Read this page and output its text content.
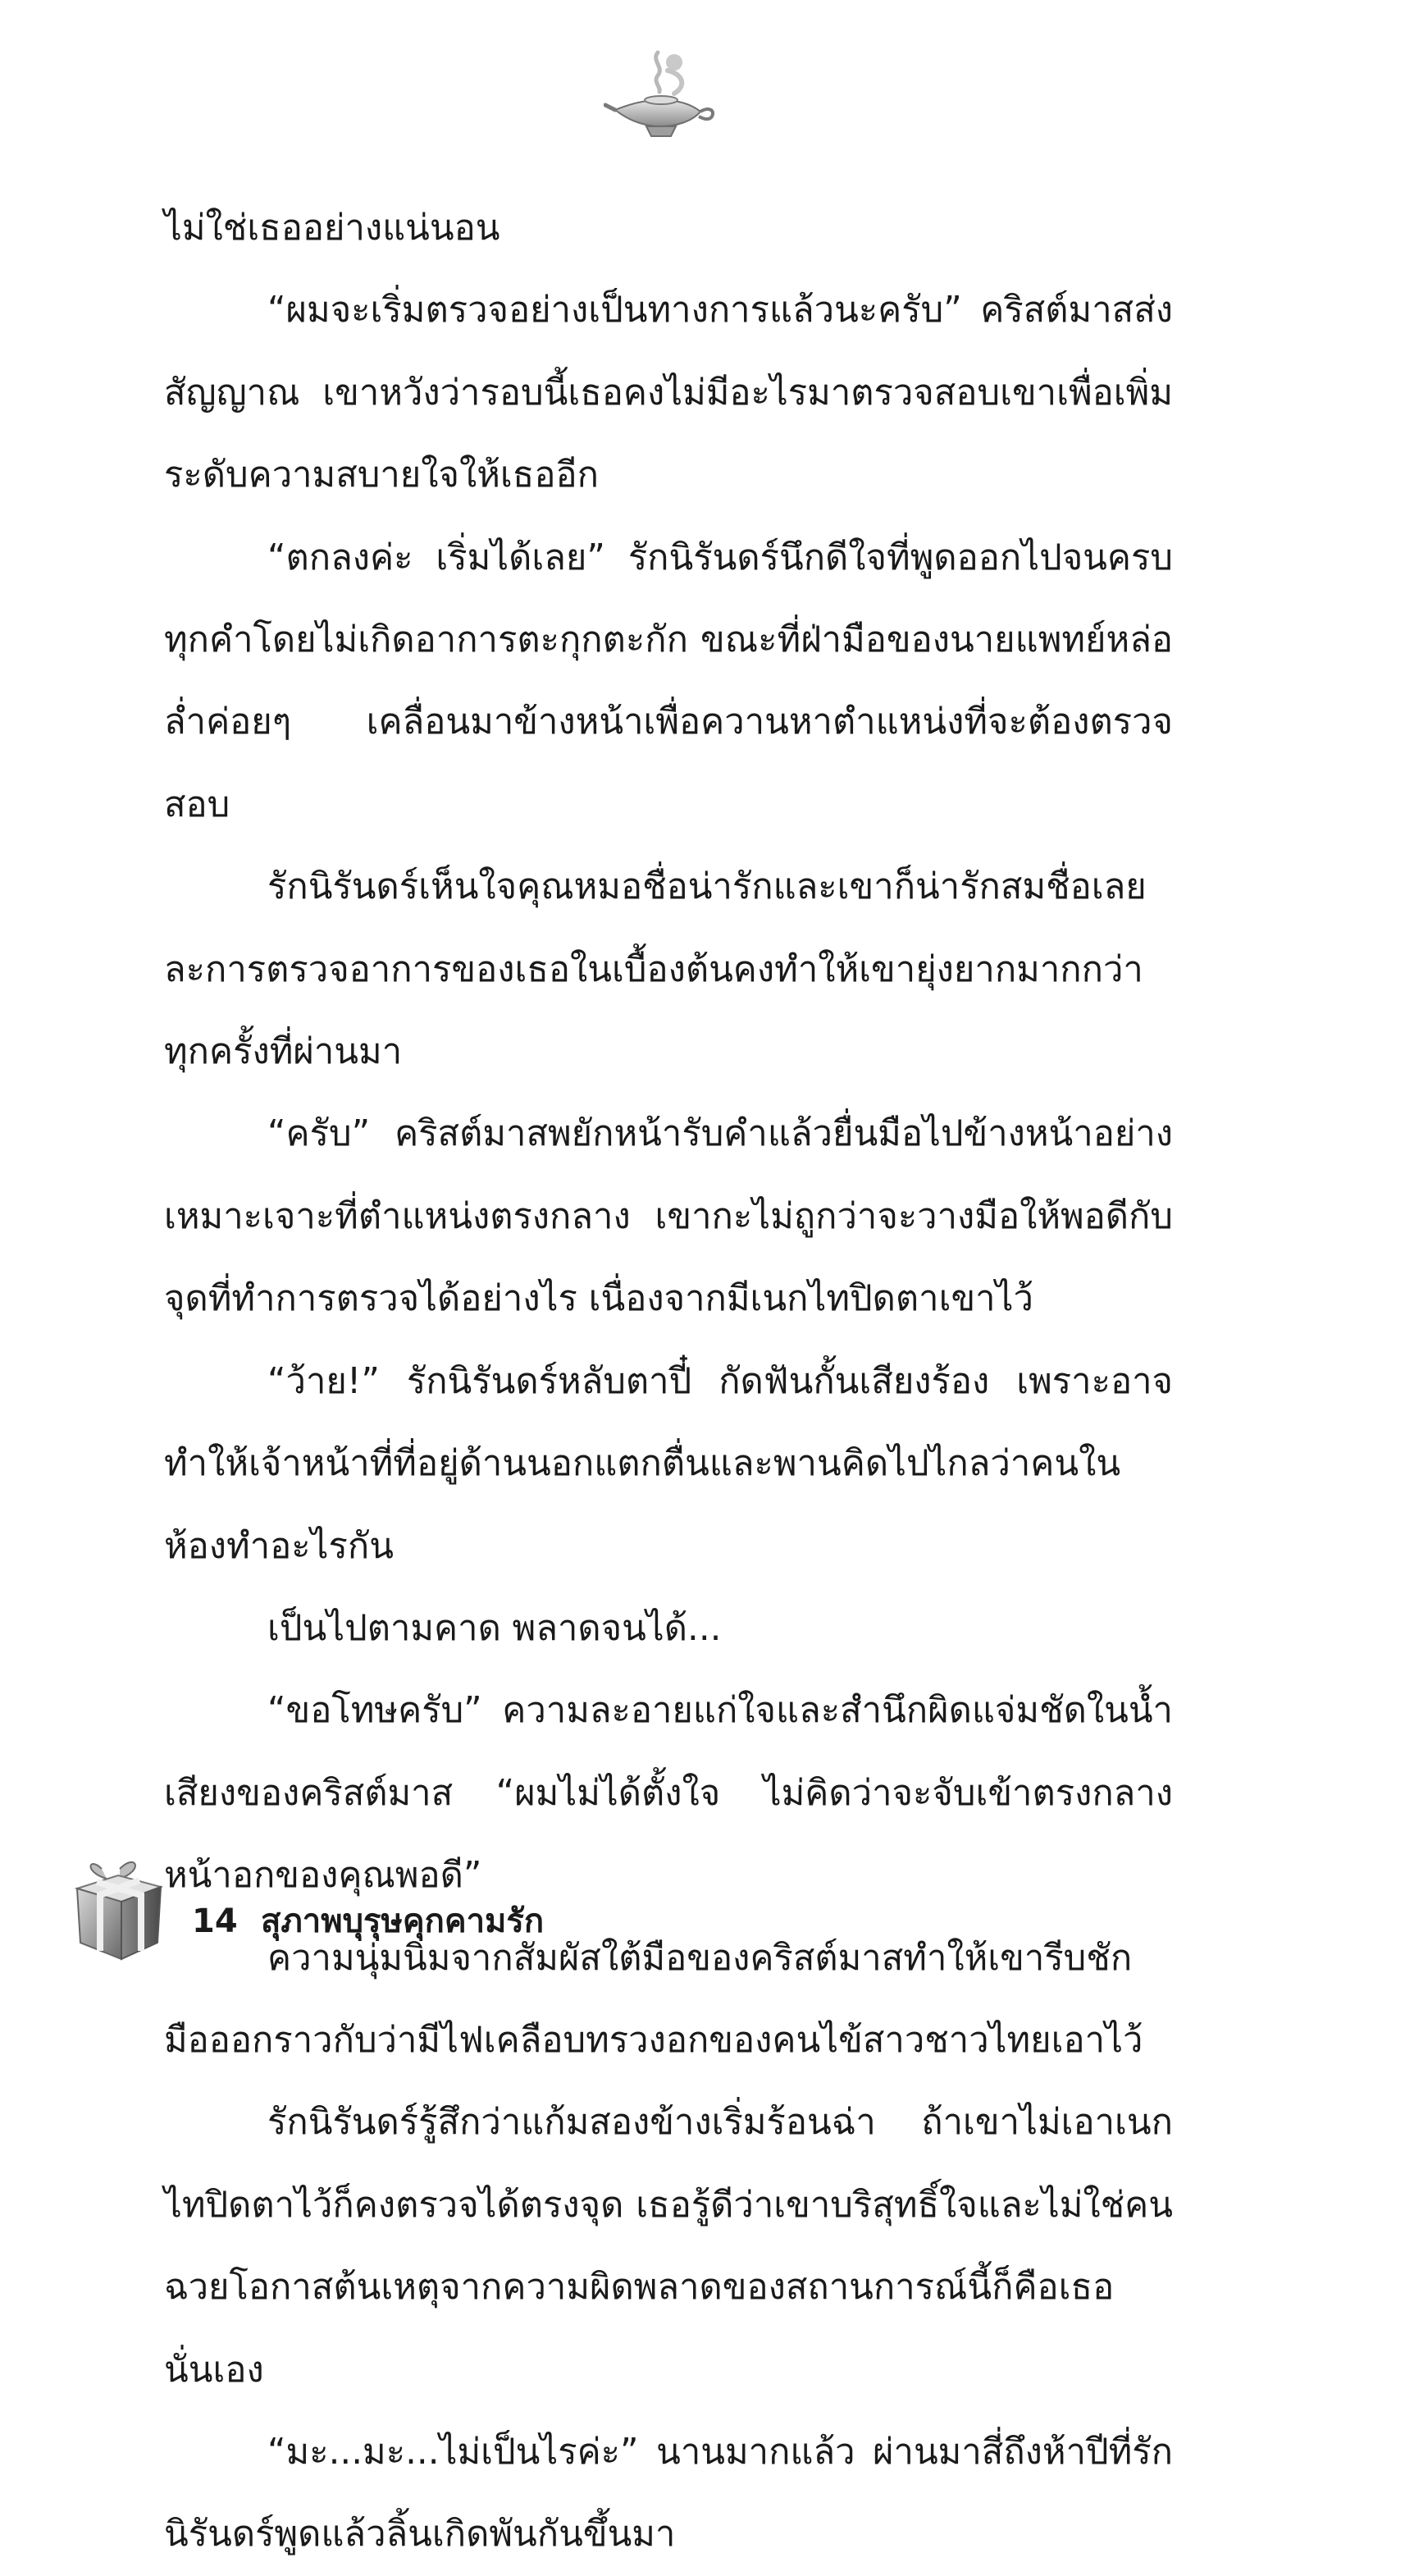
ไม่ใช่เธออย่างแน่นอน

“ผมจะเริ่มตรวจอย่างเป็นทางการแล้วนะครับ” คริสต์มาสส่งสัญญาณ เขาหวังว่ารอบนี้เธอคงไม่มีอะไรมาตรวจสอบเขาเพื่อเพิ่มระดับความสบายใจให้เธออีก

“ตกลงค่ะ เริ่มได้เลย” รักนิรันดร์นึกดีใจที่พูดออกไปจนครบทุกคำโดยไม่เกิดอาการตะกุกตะกัก ขณะที่ฝ่ามือของนายแพทย์หล่อล่ำค่อยๆ เคลื่อนมาข้างหน้าเพื่อควานหาตำแหน่งที่จะต้องตรวจสอบ

รักนิรันดร์เห็นใจคุณหมอชื่อน่ารักและเขาก็น่ารักสมชื่อเลยละการตรวจอาการของเธอในเบื้องต้นคงทำให้เขายุ่งยากมากกว่าทุกครั้งที่ผ่านมา

“ครับ” คริสต์มาสพยักหน้ารับคำแล้วยื่นมือไปข้างหน้าอย่างเหมาะเจาะที่ตำแหน่งตรงกลาง เขากะไม่ถูกว่าจะวางมือให้พอดีกับจุดที่ทำการตรวจได้อย่างไร เนื่องจากมีเนกไทปิดตาเขาไว้

“ว้าย!” รักนิรันดร์หลับตาปี๋ กัดฟันกั้นเสียงร้อง เพราะอาจทำให้เจ้าหน้าที่ที่อยู่ด้านนอกแตกตื่นและพานคิดไปไกลว่าคนในห้องทำอะไรกัน

เป็นไปตามคาด พลาดจนได้...

“ขอโทษครับ” ความละอายแก่ใจและสำนึกผิดแจ่มชัดในน้ำเสียงของคริสต์มาส “ผมไม่ได้ตั้งใจ ไม่คิดว่าจะจับเข้าตรงกลางหน้าอกของคุณพอดี”

ความนุ่มนิ่มจากสัมผัสใต้มือของคริสต์มาสทำให้เขารีบชักมือออกราวกับว่ามีไฟเคลือบทรวงอกของคนไข้สาวชาวไทยเอาไว้

รักนิรันดร์รู้สึกว่าแก้มสองข้างเริ่มร้อนฉ่า ถ้าเขาไม่เอาเนกไทปิดตาไว้ก็คงตรวจได้ตรงจุด เธอรู้ดีว่าเขาบริสุทธิ์ใจและไม่ใช่คนฉวยโอกาสต้นเหตุจากความผิดพลาดของสถานการณ์นี้ก็คือเธอนั่นเอง

“มะ...มะ...ไม่เป็นไรค่ะ” นานมากแล้ว ผ่านมาสี่ถึงห้าปีที่รักนิรันดร์พูดแล้วลิ้นเกิดพันกันขึ้นมา

14 สุภาพบุรุษคุกคามรัก
